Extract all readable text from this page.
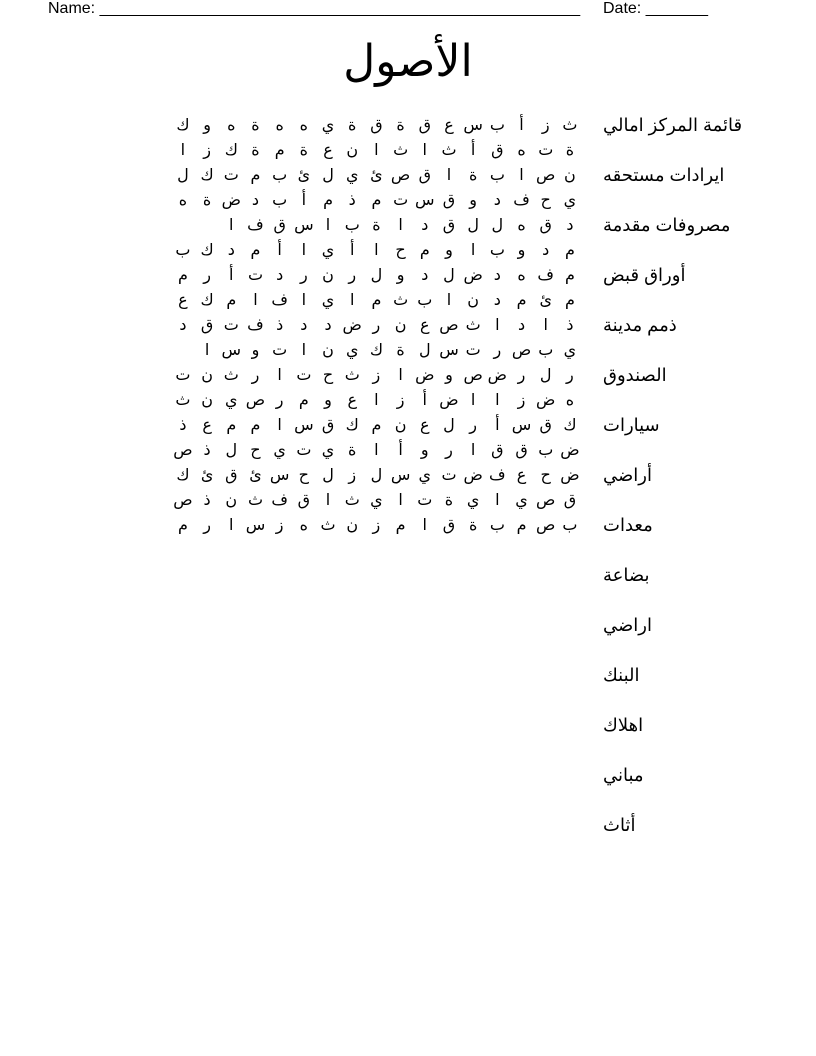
Name: ______________________________________________________ Date: _______
الأصول
ث
ز
أ
ب
س
ع
ق
ة
ق
ة
ي
ه
ه
ة
ه
و
ك
ة
ت
ه
ق
أ
ث
ا
ث
ا
ن
ع
ة
م
ة
ك
ز
ا
ن
ص
ا
ب
ة
ا
ق
ص
ئ
ي
ل
ئ
ب
م
ت
ك
ل
ي
ح
ف
د
و
ق
س
ت
م
ذ
م
أ
ب
د
ض
ة
ه
د
ق
ه
ل
ل
ق
د
ا
ة
ب
ا
س
ق
ف
ا
م
د
و
ب
ا
و
م
ح
ا
أ
ي
ا
أ
م
د
ك
ب
م
ف
ه
د
ض
ل
د
و
ل
ر
ن
ر
د
ت
أ
ر
م
م
ئ
م
د
ن
ا
ب
ث
م
ا
ي
ا
ف
ا
م
ك
ع
ذ
ا
د
ا
ث
ص
ع
ن
ر
ض
د
د
ذ
ف
ت
ق
د
ي
ب
ص
ر
ت
س
ل
ة
ك
ي
ن
ا
ت
و
س
ا
ر
ل
ر
ض
ص
و
ض
ا
ز
ث
ح
ت
ا
ر
ث
ن
ت
ه
ض
ز
ا
ا
ض
أ
ز
ا
ع
و
م
ر
ص
ي
ن
ث
ك
ق
س
أ
ر
ل
ع
ن
م
ك
ق
س
ا
م
م
ع
ذ
ض
ب
ق
ق
ا
ر
و
أ
ا
ة
ي
ت
ي
ح
ل
ذ
ص
ض
ح
ع
ف
ض
ت
ي
س
ل
ز
ل
ح
س
ئ
ق
ئ
ك
ق
ص
ي
ا
ي
ة
ت
ا
ي
ث
ا
ق
ف
ث
ن
ذ
ص
ب
ص
م
ب
ة
ق
ا
م
ز
ن
ث
ه
ز
س
ا
ر
م
قائمة المركز امالي
ايرادات مستحقه
مصروفات مقدمة
أوراق قبض
ذمم مدينة
الصندوق
سيارات
أراضي
معدات
بضاعة
اراضي
البنك
اهلاك
مباني
أثاث
